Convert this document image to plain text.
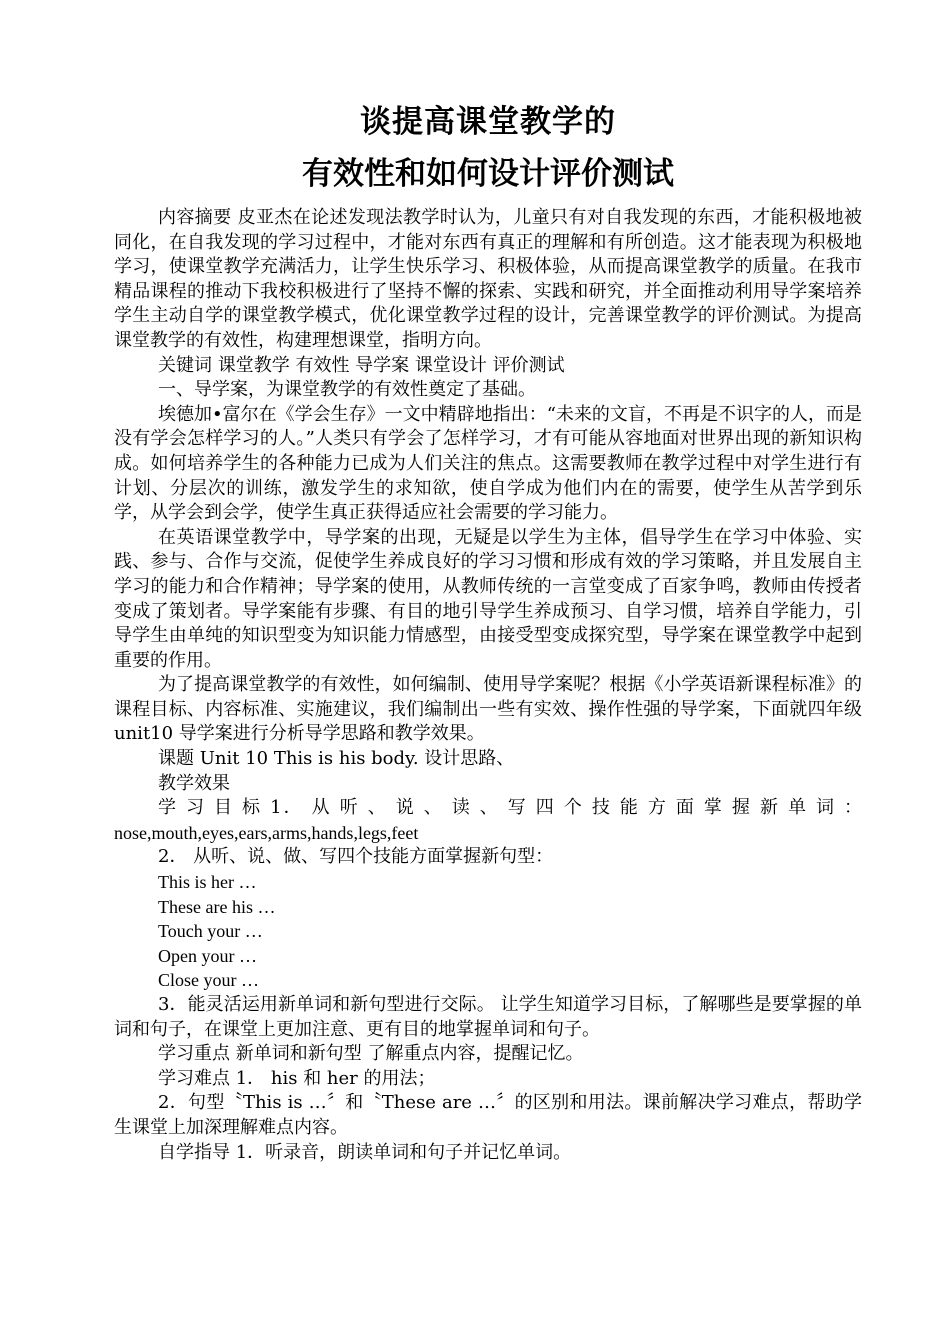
谈提高课堂教学的
有效性和如何设计评价测试

内容摘要 皮亚杰在论述发现法教学时认为，儿童只有对自我发现的东西，才能积极地被同化，在自我发现的学习过程中，才能对东西有真正的理解和有所创造。这才能表现为积极地学习，使课堂教学充满活力，让学生快乐学习、积极体验，从而提高课堂教学的质量。在我市精品课程的推动下我校积极进行了坚持不懈的探索、实践和研究，并全面推动利用导学案培养学生主动自学的课堂教学模式，优化课堂教学过程的设计，完善课堂教学的评价测试。为提高课堂教学的有效性，构建理想课堂，指明方向。

关键词 课堂教学 有效性 导学案 课堂设计 评价测试

一、导学案，为课堂教学的有效性奠定了基础。

埃德加•富尔在《学会生存》一文中精辟地指出：“未来的文盲，不再是不识字的人，而是没有学会怎样学习的人。”人类只有学会了怎样学习，才有可能从容地面对世界出现的新知识构成。如何培养学生的各种能力已成为人们关注的焦点。这需要教师在教学过程中对学生进行有计划、分层次的训练，激发学生的求知欲，使自学成为他们内在的需要，使学生从苦学到乐学，从学会到会学，使学生真正获得适应社会需要的学习能力。

在英语课堂教学中，导学案的出现，无疑是以学生为主体，倡导学生在学习中体验、实践、参与、合作与交流，促使学生养成良好的学习习惯和形成有效的学习策略，并且发展自主学习的能力和合作精神；导学案的使用，从教师传统的一言堂变成了百家争鸣，教师由传授者变成了策划者。导学案能有步骤、有目的地引导学生养成预习、自学习惯，培养自学能力，引导学生由单纯的知识型变为知识能力情感型，由接受型变成探究型，导学案在课堂教学中起到重要的作用。

为了提高课堂教学的有效性，如何编制、使用导学案呢？根据《小学英语新课程标准》的课程目标、内容标准、实施建议，我们编制出一些有实效、操作性强的导学案，下面就四年级unit10 导学案进行分析导学思路和教学效果。

课题 Unit 10 This is his body. 设计思路、

教学效果

学 习 目 标 1． 从 听 、 说 、 读 、 写 四 个 技 能 方 面 掌 握 新 单 词 ：

nose,mouth,eyes,ears,arms,hands,legs,feet

2． 从听、说、做、写四个技能方面掌握新句型：

This is her …

These are his …

Touch your …

Open your …

Close your …

3．能灵活运用新单词和新句型进行交际。 让学生知道学习目标，了解哪些是要掌握的单词和句子，在课堂上更加注意、更有目的地掌握单词和句子。

学习重点 新单词和新句型 了解重点内容，提醒记忆。

学习难点 1． his 和 her 的用法；

2．句型〝This is …〞和〝These are …〞的区别和用法。课前解决学习难点，帮助学生课堂上加深理解难点内容。

自学指导 1．听录音，朗读单词和句子并记忆单词。
